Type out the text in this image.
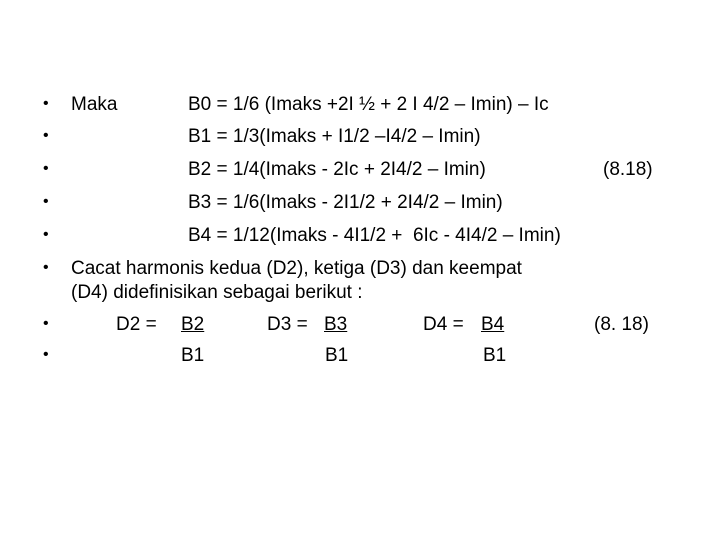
• Maka	B0 = 1/6 (Imaks +2I ½ + 2 I 4/2 – Imin) – Ic
•	B1 = 1/3(Imaks + I1/2 –I4/2 – Imin)
•	B2 = 1/4(Imaks - 2Ic + 2I4/2 – Imin)	(8.18)
•	B3 = 1/6(Imaks - 2I1/2 + 2I4/2 – Imin)
•	B4 = 1/12(Imaks - 4I1/2 +  6Ic - 4I4/2 – Imin)
• Cacat harmonis kedua (D2), ketiga (D3) dan keempat
(D4) didefinisikan sebagai berikut :
•	D2 = B2	D3 = B3	D4 = B4	(8. 18)
•	B1	B1	B1
